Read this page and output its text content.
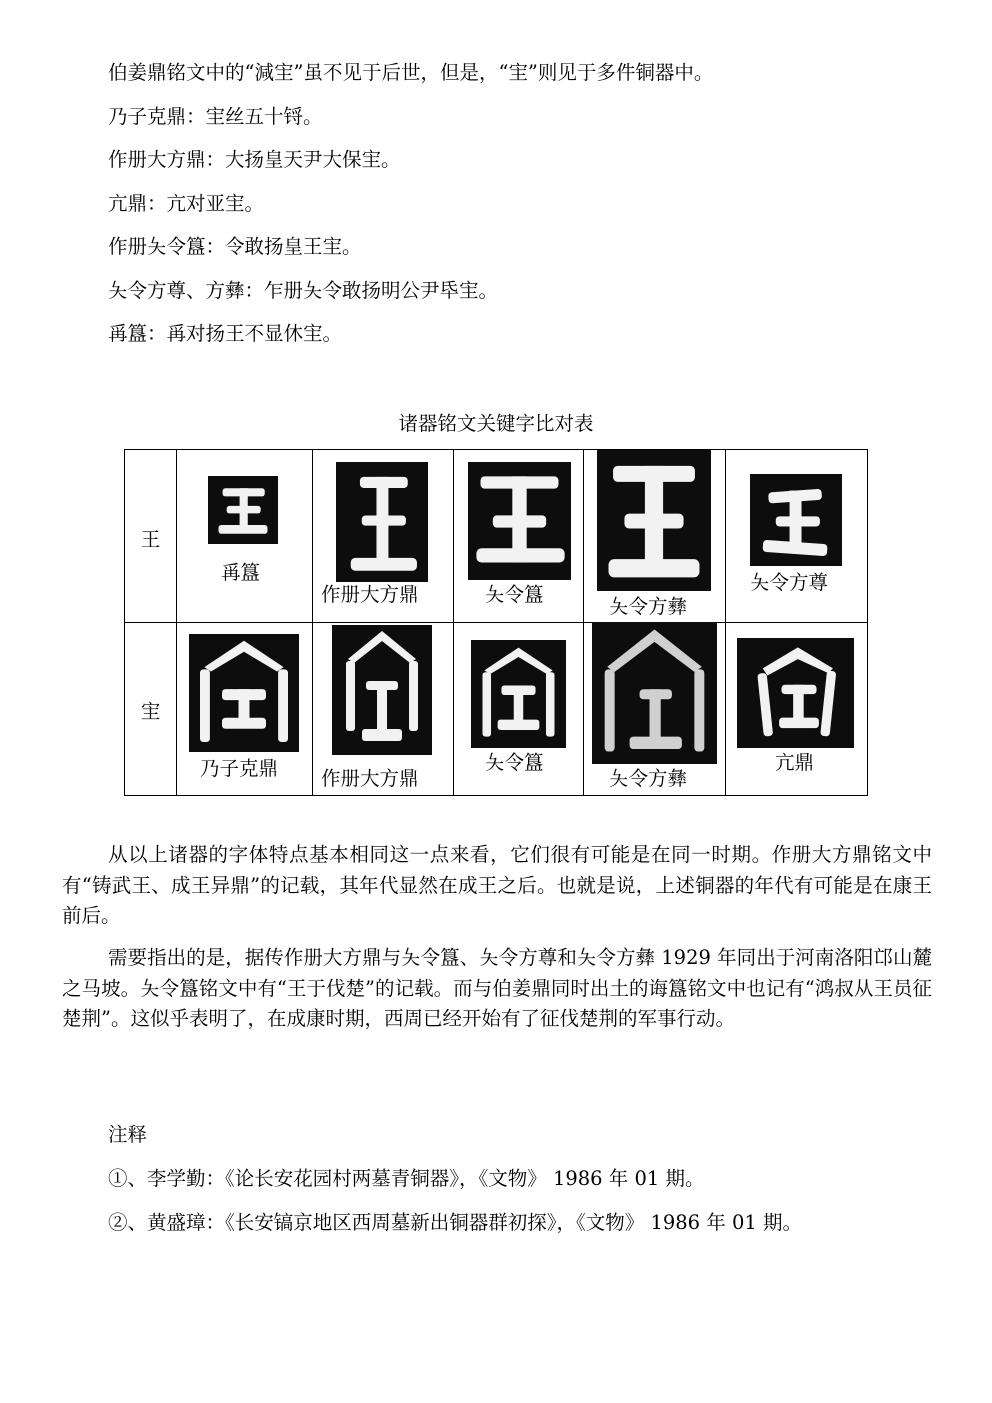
伯姜鼎铭文中的“減宔”虽不见于后世，但是，“宔”则见于多件铜器中。
乃子克鼎：宔丝五十锊。
作册大方鼎：大扬皇天尹大保宔。
亢鼎：亢对亚宔。
作册夨令簋：令敢扬皇王宔。
夨令方尊、方彝：乍册夨令敢扬明公尹氒宔。
爯簋：爯对扬王不显休宔。
诸器铭文关键字比对表
王
宔
爯簋
作册大方鼎	夨令簋
夨令方彝
夨令方尊
乃子克鼎 作册大方鼎
夨令簋
夨令方彝
亢鼎
从以上诸器的字体特点基本相同这一点来看，它们很有可能是在同一时期。作册大方鼎铭文中有“铸武王、成王异鼎”的记载，其年代显然在成王之后。也就是说，上述铜器的年代有可能是在康王前后。
需要指出的是，据传作册大方鼎与夨令簋、夨令方尊和夨令方彝 1929 年同出于河南洛阳邙山麓之马坡。夨令簋铭文中有“王于伐楚”的记载。而与伯姜鼎同时出土的诲簋铭文中也记有“鸿叔从王员征楚荆”。这似乎表明了，在成康时期，西周已经开始有了征伐楚荆的军事行动。
注释
①、李学勤：《论长安花园村两墓青铜器》，《文物》 1986 年 01 期。
②、黄盛璋：《长安镐京地区西周墓新出铜器群初探》，《文物》 1986 年 01 期。
